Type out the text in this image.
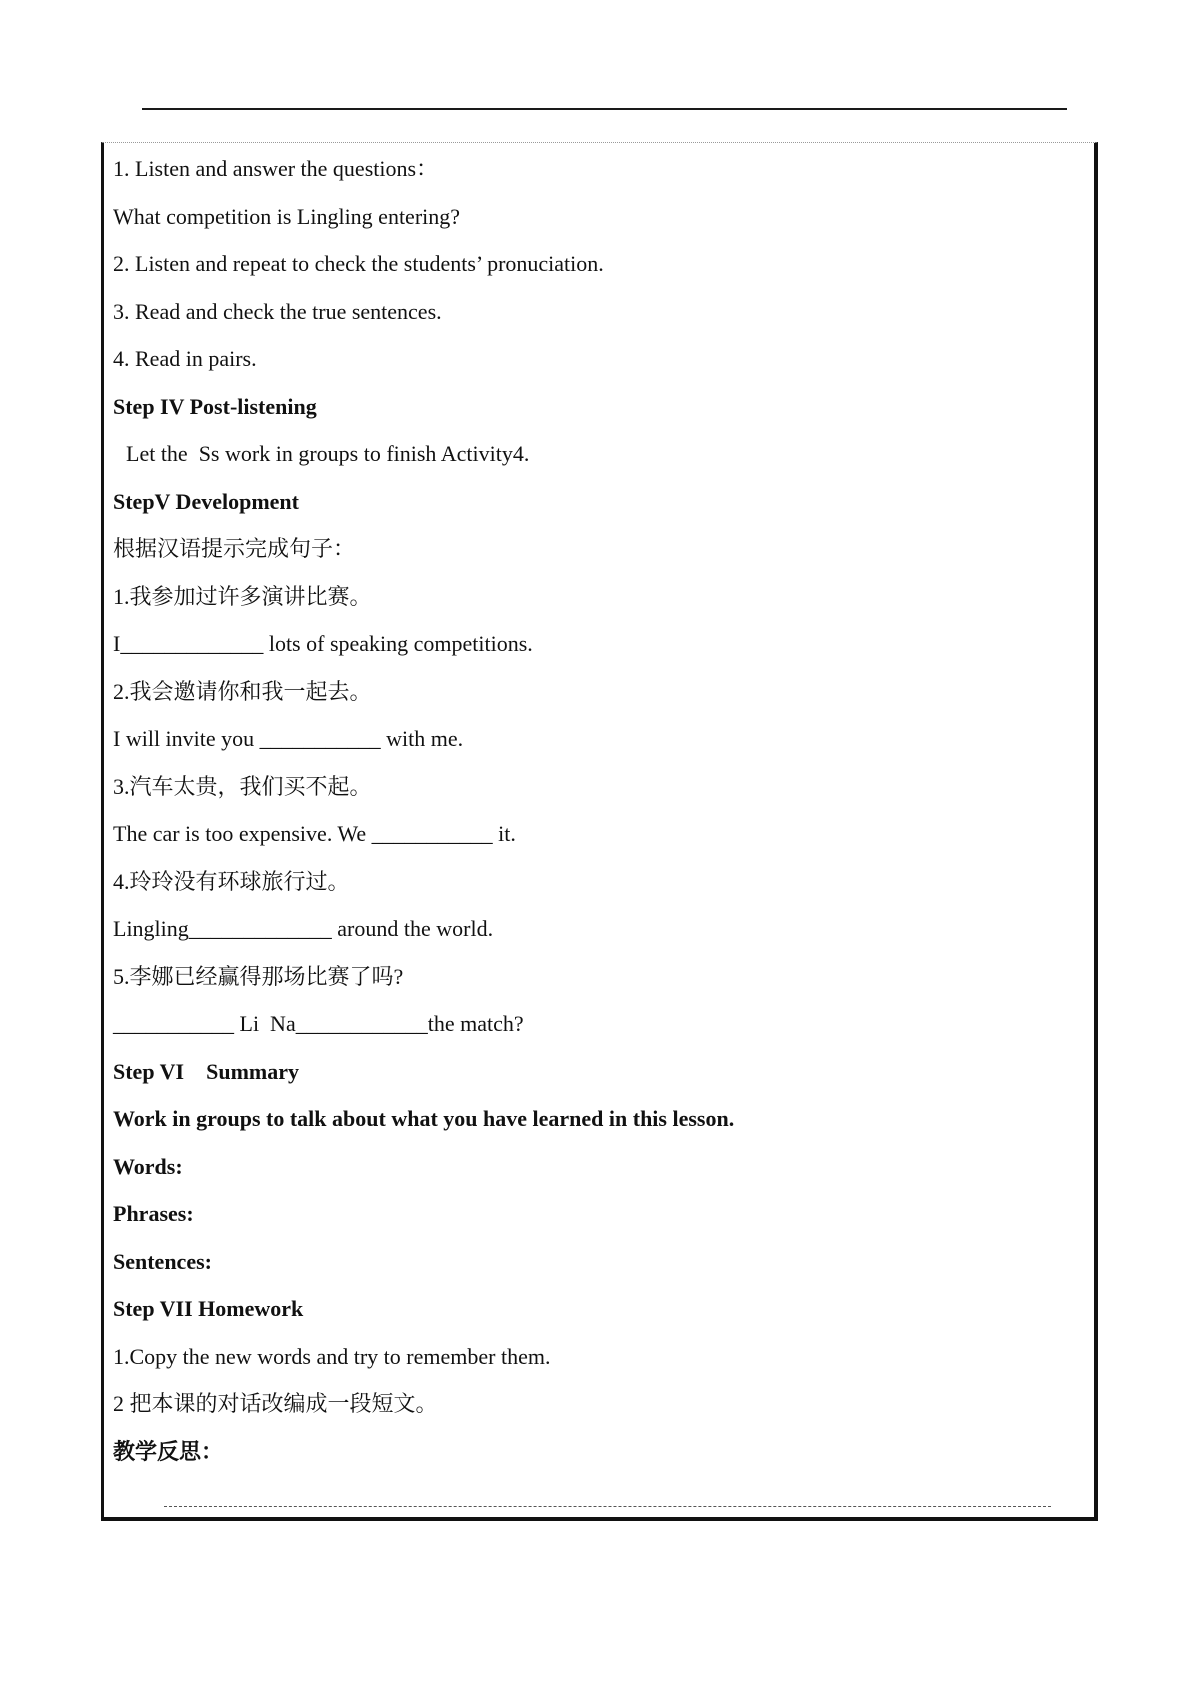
1. Listen and answer the questions：
What competition is Lingling entering?
2. Listen and repeat to check the students’ pronuciation.
3. Read and check the true sentences.
4. Read in pairs.
Step IV Post-listening
Let the  Ss work in groups to finish Activity4.
StepV Development
根据汉语提示完成句子：
1.我参加过许多演讲比赛。
I_____________ lots of speaking competitions.
2.我会邀请你和我一起去。
I will invite you ___________ with me.
3.汽车太贵，我们买不起。
The car is too expensive. We ___________ it.
4.玲玲没有环球旅行过。
Lingling_____________ around the world.
5.李娜已经赢得那场比赛了吗?
___________ Li  Na____________the match?
Step VI    Summary
Work in groups to talk about what you have learned in this lesson.
Words:
Phrases:
Sentences:
Step VII Homework
1.Copy the new words and try to remember them.
2 把本课的对话改编成一段短文。
教学反思：
